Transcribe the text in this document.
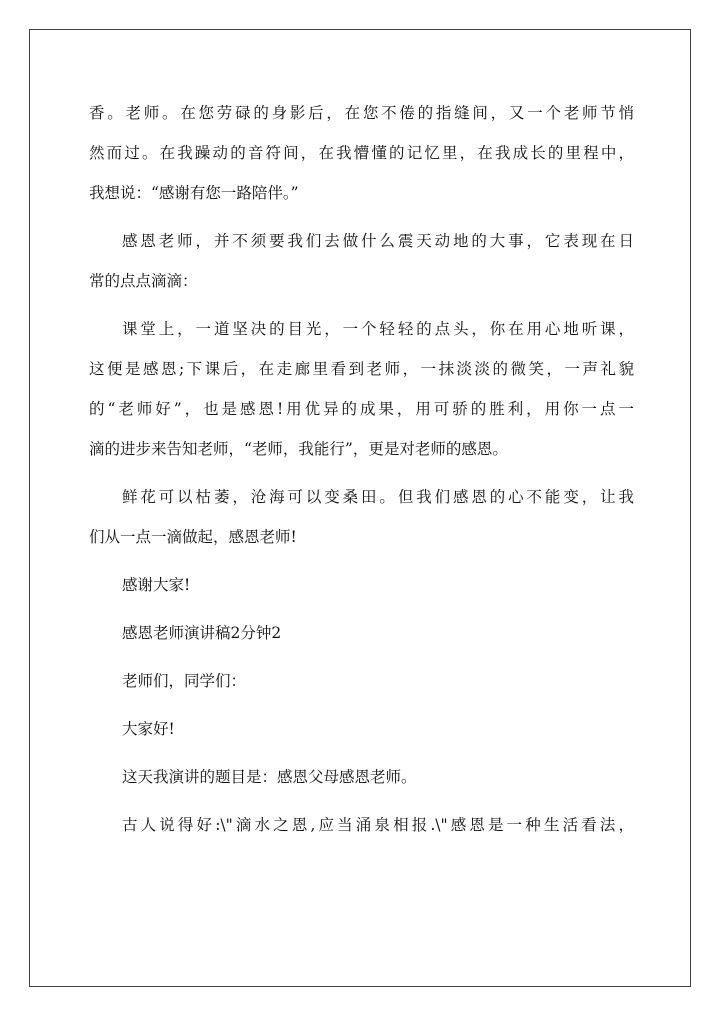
香。老师。在您劳碌的身影后，在您不倦的指缝间，又一个老师节悄
然而过。在我躁动的音符间，在我懵懂的记忆里，在我成长的里程中，
我想说：“感谢有您一路陪伴。”
感恩老师，并不须要我们去做什么震天动地的大事，它表现在日
常的点点滴滴：
课堂上，一道坚决的目光，一个轻轻的点头，你在用心地听课，
这便是感恩;下课后，在走廊里看到老师，一抹淡淡的微笑，一声礼貌
的“老师好”，也是感恩!用优异的成果，用可骄的胜利，用你一点一
滴的进步来告知老师，“老师，我能行”，更是对老师的感恩。
鲜花可以枯萎，沧海可以变桑田。但我们感恩的心不能变，让我
们从一点一滴做起，感恩老师!
感谢大家!
感恩老师演讲稿2分钟2
老师们，同学们：
大家好!
这天我演讲的题目是：感恩父母感恩老师。
古人说得好:\"滴水之恩,应当涌泉相报.\"感恩是一种生活看法，
